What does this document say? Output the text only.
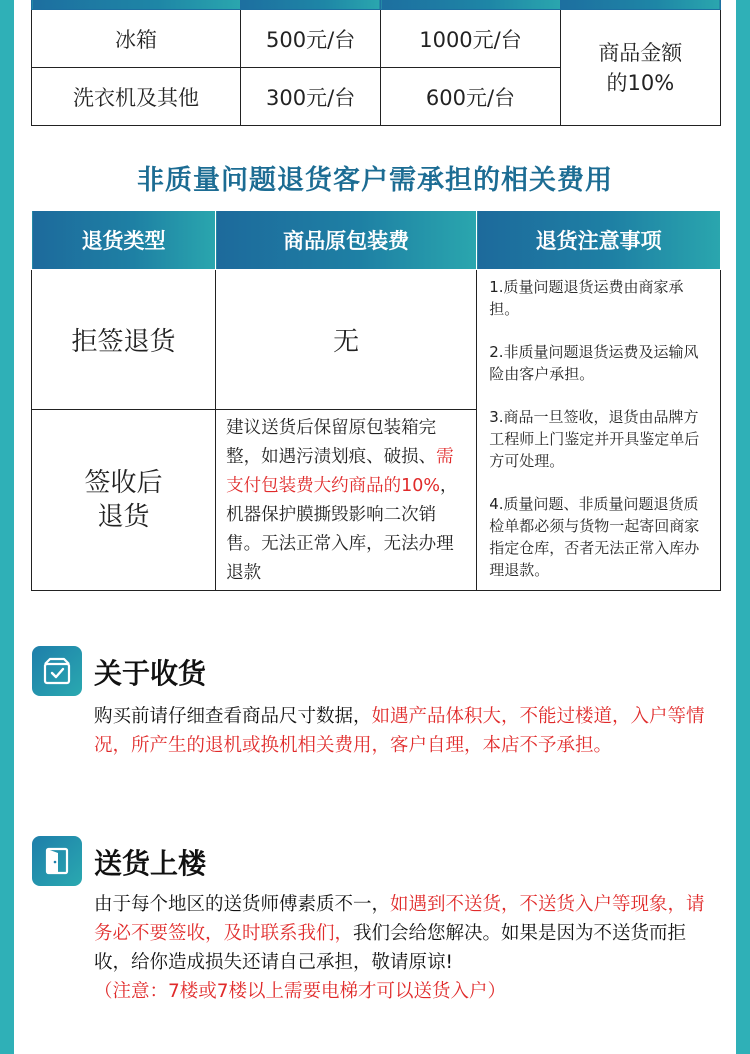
冰箱	500元/台	1000元/台	商品金额
的10%

洗衣机及其他	300元/台	600元/台	
非质量问题退货客户需承担的相关费用
退货类型	商品原包装费	退货注意事项
拒签退货	无	1.质量问题退货运费由商家承担。

2.非质量问题退货运费及运输风险由客户承担。

3.商品一旦签收，退货由品牌方工程师上门鉴定并开具鉴定单后方可处理。

4.质量问题、非质量问题退货质检单都必须与货物一起寄回商家指定仓库，否者无法正常入库办理退款。

签收后
退货	建议送货后保留原包装箱完整，如遇污渍划痕、破损、需支付包装费大约商品的10%，机器保护膜撕毁影响二次销售。无法正常入库，无法办理退款	
关于收货
购买前请仔细查看商品尺寸数据，如遇产品体积大，不能过楼道，入户等情况，所产生的退机或换机相关费用，客户自理，本店不予承担。
送货上楼
由于每个地区的送货师傅素质不一，如遇到不送货，不送货入户等现象，请务必不要签收，及时联系我们，我们会给您解决。如果是因为不送货而拒收，给你造成损失还请自己承担，敬请原谅!
（注意：7楼或7楼以上需要电梯才可以送货入户）
